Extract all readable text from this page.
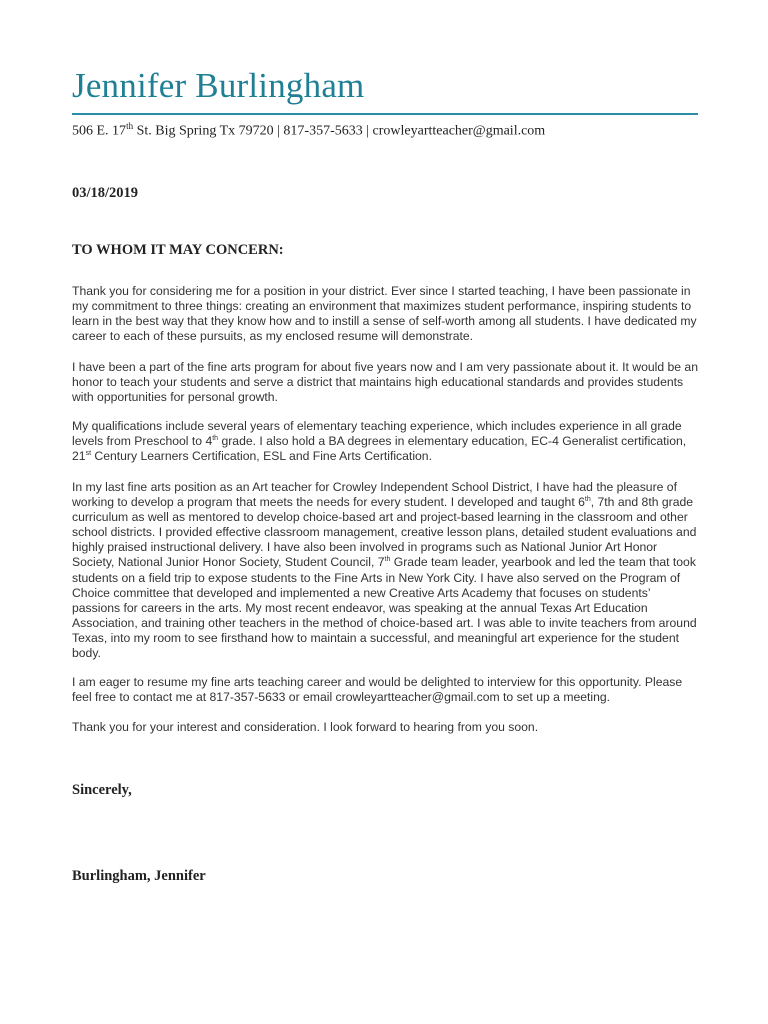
Jennifer Burlingham
506 E. 17th St. Big Spring Tx 79720 | 817-357-5633 | crowleyartteacher@gmail.com
03/18/2019
TO WHOM IT MAY CONCERN:
Thank you for considering me for a position in your district. Ever since I started teaching, I have been passionate in my commitment to three things: creating an environment that maximizes student performance, inspiring students to learn in the best way that they know how and to instill a sense of self-worth among all students. I have dedicated my career to each of these pursuits, as my enclosed resume will demonstrate.
I have been a part of the fine arts program for about five years now and I am very passionate about it. It would be an honor to teach your students and serve a district that maintains high educational standards and provides students with opportunities for personal growth.
My qualifications include several years of elementary teaching experience, which includes experience in all grade levels from Preschool to 4th grade. I also hold a BA degrees in elementary education, EC-4 Generalist certification, 21st Century Learners Certification, ESL and Fine Arts Certification.
In my last fine arts position as an Art teacher for Crowley Independent School District, I have had the pleasure of working to develop a program that meets the needs for every student. I developed and taught 6th, 7th and 8th grade curriculum as well as mentored to develop choice-based art and project-based learning in the classroom and other school districts. I provided effective classroom management, creative lesson plans, detailed student evaluations and highly praised instructional delivery. I have also been involved in programs such as National Junior Art Honor Society, National Junior Honor Society, Student Council, 7th Grade team leader, yearbook and led the team that took students on a field trip to expose students to the Fine Arts in New York City. I have also served on the Program of Choice committee that developed and implemented a new Creative Arts Academy that focuses on students’ passions for careers in the arts. My most recent endeavor, was speaking at the annual Texas Art Education Association, and training other teachers in the method of choice-based art. I was able to invite teachers from around Texas, into my room to see firsthand how to maintain a successful, and meaningful art experience for the student body.
I am eager to resume my fine arts teaching career and would be delighted to interview for this opportunity. Please feel free to contact me at 817-357-5633 or email crowleyartteacher@gmail.com to set up a meeting.
Thank you for your interest and consideration. I look forward to hearing from you soon.
Sincerely,
Burlingham, Jennifer
